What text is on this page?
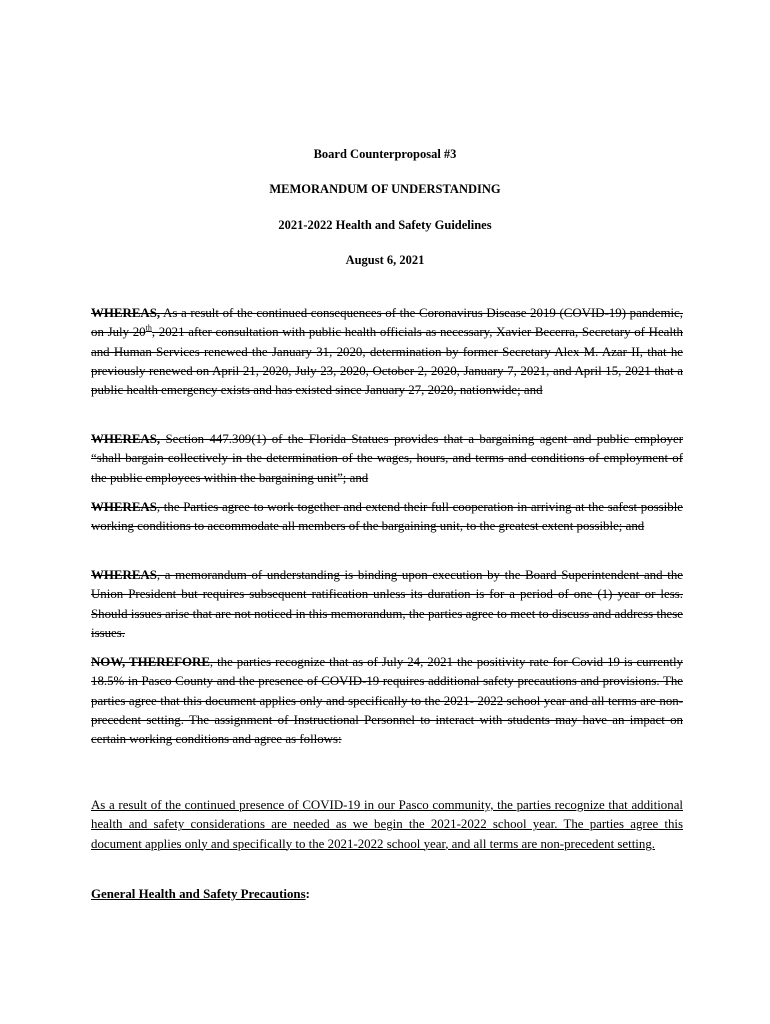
Board Counterproposal #3

MEMORANDUM OF UNDERSTANDING

2021-2022 Health and Safety Guidelines

August 6, 2021

WHEREAS, As a result of the continued consequences of the Coronavirus Disease 2019 (COVID-19) pandemic, on July 20th, 2021 after consultation with public health officials as necessary, Xavier Becerra, Secretary of Health and Human Services renewed the January 31, 2020, determination by former Secretary Alex M. Azar II, that he previously renewed on April 21, 2020, July 23, 2020, October 2, 2020, January 7, 2021, and April 15, 2021 that a public health emergency exists and has existed since January 27, 2020, nationwide; and

WHEREAS, Section 447.309(1) of the Florida Statues provides that a bargaining agent and public employer “shall bargain collectively in the determination of the wages, hours, and terms and conditions of employment of the public employees within the bargaining unit”; and

WHEREAS, the Parties agree to work together and extend their full cooperation in arriving at the safest possible working conditions to accommodate all members of the bargaining unit, to the greatest extent possible; and

WHEREAS, a memorandum of understanding is binding upon execution by the Board Superintendent and the Union President but requires subsequent ratification unless its duration is for a period of one (1) year or less. Should issues arise that are not noticed in this memorandum, the parties agree to meet to discuss and address these issues.

NOW, THEREFORE, the parties recognize that as of July 24, 2021 the positivity rate for Covid 19 is currently 18.5% in Pasco County and the presence of COVID-19 requires additional safety precautions and provisions. The parties agree that this document applies only and specifically to the 2021- 2022 school year and all terms are non-precedent setting. The assignment of Instructional Personnel to interact with students may have an impact on certain working conditions and agree as follows:

As a result of the continued presence of COVID-19 in our Pasco community, the parties recognize that additional health and safety considerations are needed as we begin the 2021-2022 school year. The parties agree this document applies only and specifically to the 2021-2022 school year, and all terms are non-precedent setting.

General Health and Safety Precautions:
